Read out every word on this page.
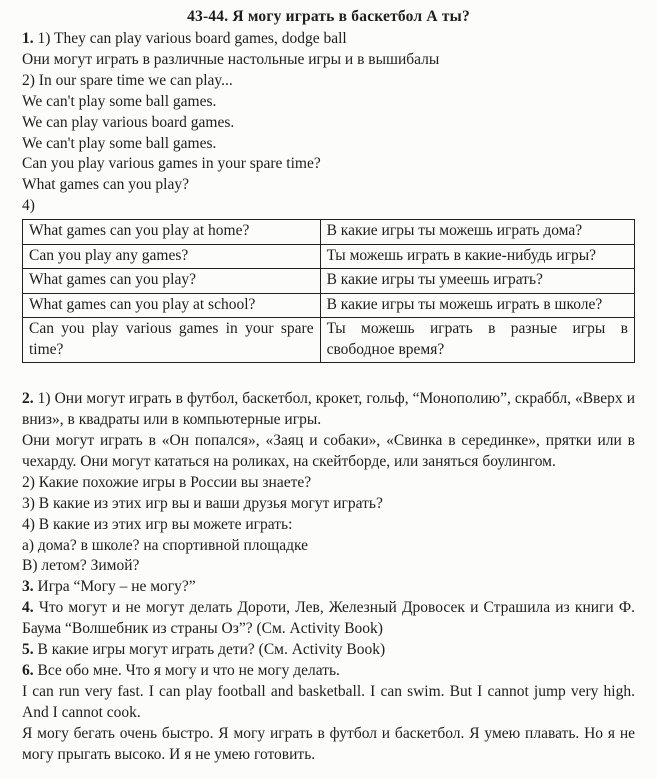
43-44. Я могу играть в баскетбол А ты?

1. 1) They can play various board games, dodge ball

Они могут играть в различные настольные игры и в вышибалы

2) In our spare time we can play...

We can't play some ball games.

We can play various board games.

We can't play some ball games.

Can you play various games in your spare time?

What games can you play?

4)

What games can you play at home?	В какие игры ты можешь играть дома?
Can you play any games?	Ты можешь играть в какие-нибудь игры?
What games can you play?	В какие игры ты умеешь играть?
What games can you play at school?	В какие игры ты можешь играть в школе?
Can you play various games in your spare time?	Ты можешь играть в разные игры в свободное время?

2. 1) Они могут играть в футбол, баскетбол, крокет, гольф, “Монополию”, скраббл, «Вверх и вниз», в квадраты или в компьютерные игры.

Они могут играть в «Он попался», «Заяц и собаки», «Свинка в серединке», прятки или в чехарду. Они могут кататься на роликах, на скейтборде, или заняться боулингом.

2) Какие похожие игры в России вы знаете?

3) В какие из этих игр вы и ваши друзья могут играть?

4) В какие из этих игр вы можете играть:

а) дома? в школе? на спортивной площадке

В) летом? Зимой?

3. Игра “Могу – не могу?”

4. Что могут и не могут делать Дороти, Лев, Железный Дровосек и Страшила из книги Ф. Баума “Волшебник из страны Оз”? (См. Activity Book)

5. В какие игры могут играть дети? (См. Activity Book)

6. Все обо мне. Что я могу и что не могу делать.

I can run very fast. I can play football and basketball. I can swim. But I cannot jump very high. And I cannot cook.

Я могу бегать очень быстро. Я могу играть в футбол и баскетбол. Я умею плавать. Но я не могу прыгать высоко. И я не умею готовить.
